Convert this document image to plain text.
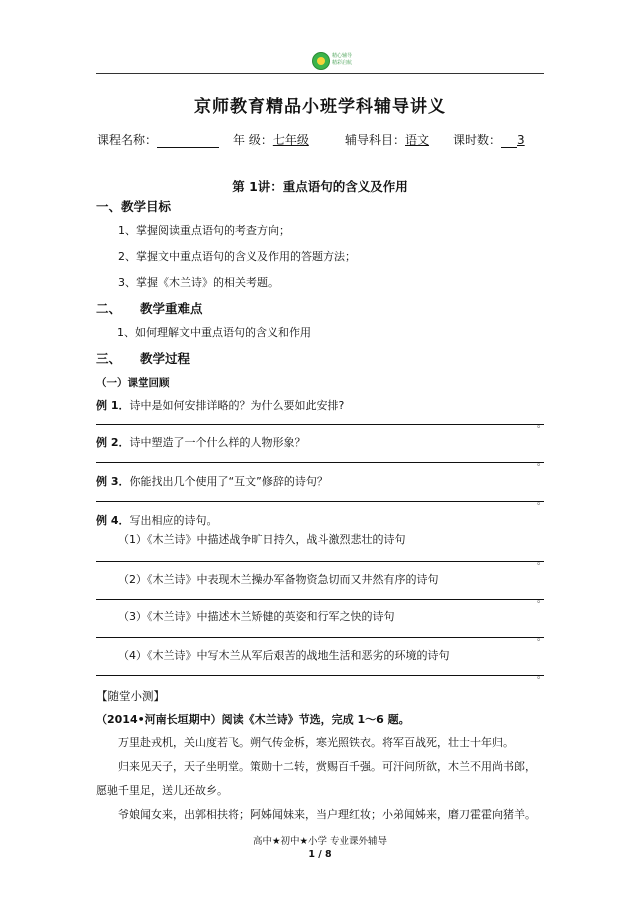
精心辅导
精彩启航
京师教育精品小班学科辅导讲义
课程名称：	年 级：七年级	辅导科目：语文 课时数： 3
第 1讲：重点语句的含义及作用
一、教学目标
1、掌握阅读重点语句的考查方向；
2、掌握文中重点语句的含义及作用的答题方法；
3、掌握《木兰诗》的相关考题。
二、 教学重难点
1、如何理解文中重点语句的含义和作用
三、 教学过程
（一）课堂回顾
例 1．诗中是如何安排详略的？为什么要如此安排?
。
例 2．诗中塑造了一个什么样的人物形象？
。
例 3．你能找出几个使用了“互文”修辞的诗句？
。
例 4．写出相应的诗句。
（1）《木兰诗》中描述战争旷日持久，战斗激烈悲壮的诗句
。
（2）《木兰诗》中表现木兰操办军备物资急切而又井然有序的诗句
。
（3）《木兰诗》中描述木兰矫健的英姿和行军之快的诗句
。
（4）《木兰诗》中写木兰从军后艰苦的战地生活和恶劣的环境的诗句
。
【随堂小测】
（2014•河南长垣期中）阅读《木兰诗》节选，完成 1～6 题。
万里赴戎机，关山度若飞。朔气传金柝，寒光照铁衣。将军百战死，壮士十年归。
归来见天子，天子坐明堂。策勋十二转，赏赐百千强。可汗问所欲，木兰不用尚书郎，
愿驰千里足，送儿还故乡。
爷娘闻女来，出郭相扶将；阿姊闻妹来，当户理红妆；小弟闻姊来，磨刀霍霍向猪羊。
高中★初中★小学 专业课外辅导
1 / 8
